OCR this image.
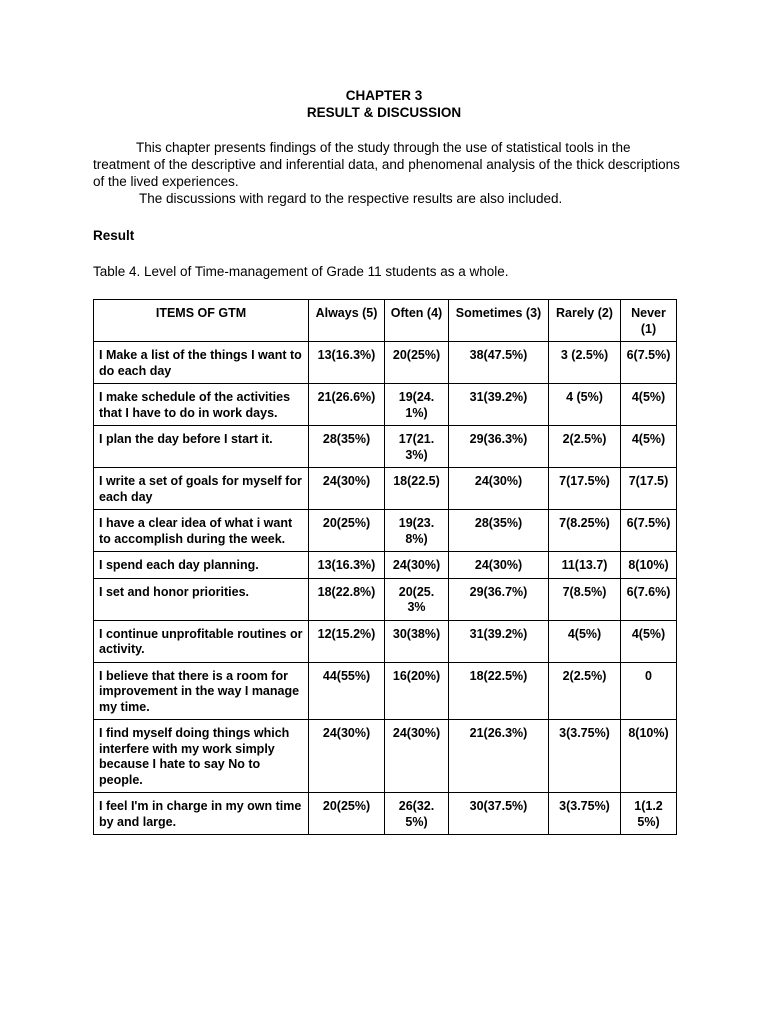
CHAPTER 3
RESULT & DISCUSSION

This chapter presents findings of the study through the use of statistical tools in the treatment of the descriptive and inferential data, and phenomenal analysis of the thick descriptions of the lived experiences.

The discussions with regard to the respective results are also included.

Result
Table 4. Level of Time-management of Grade 11 students as a whole.
ITEMS OF GTM	Always (5)	Often (4)	Sometimes (3)	Rarely (2)	Never (1)
I Make a list of the things I want to do each day	13(16.3%)	20(25%)	38(47.5%)	3 (2.5%)	6(7.5%)
I make schedule of the activities that I have to do in work days.	21(26.6%)	19(24.1%)	31(39.2%)	4 (5%)	4(5%)
I plan the day before I start it.	28(35%)	17(21.3%)	29(36.3%)	2(2.5%)	4(5%)
I write a set of goals for myself for each day	24(30%)	18(22.5)	24(30%)	7(17.5%)	7(17.5)
I have a clear idea of what i want to accomplish during the week.	20(25%)	19(23.8%)	28(35%)	7(8.25%)	6(7.5%)
I spend each day planning.	13(16.3%)	24(30%)	24(30%)	11(13.7)	8(10%)
I set and honor priorities.	18(22.8%)	20(25.3%	29(36.7%)	7(8.5%)	6(7.6%)
I continue unprofitable routines or activity.	12(15.2%)	30(38%)	31(39.2%)	4(5%)	4(5%)
I believe that there is a room for improvement in the way I manage my time.	44(55%)	16(20%)	18(22.5%)	2(2.5%)	0
I find myself doing things which interfere with my work simply because I hate to say No to people.	24(30%)	24(30%)	21(26.3%)	3(3.75%)	8(10%)
I feel I'm in charge in my own time by and large.	20(25%)	26(32.5%)	30(37.5%)	3(3.75%)	1(1.25%)
